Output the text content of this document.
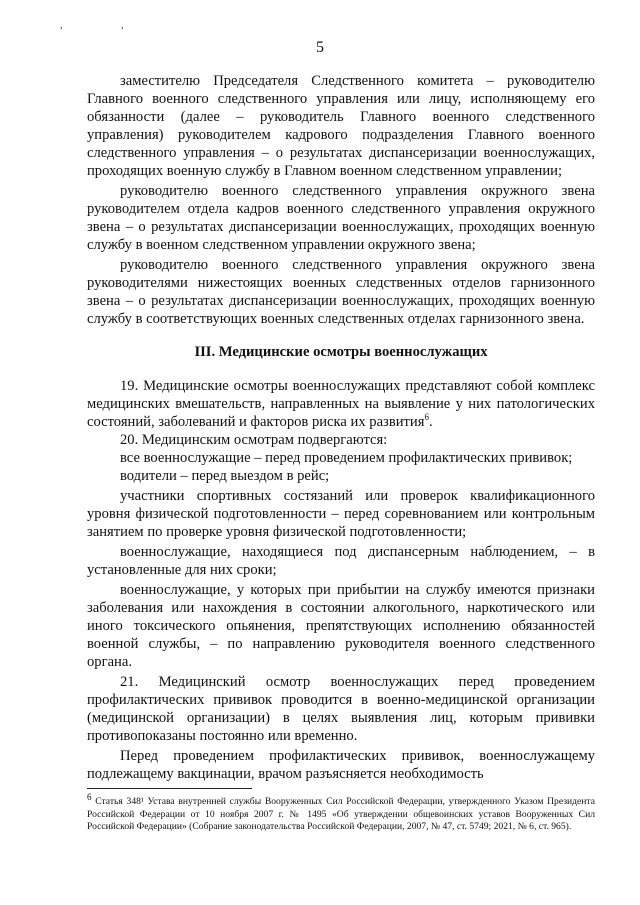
, ,
5

заместителю Председателя Следственного комитета – руководителю Главного военного следственного управления или лицу, исполняющему его обязанности (далее – руководитель Главного военного следственного управления) руководителем кадрового подразделения Главного военного следственного управления – о результатах диспансеризации военнослужащих, проходящих военную службу в Главном военном следственном управлении;

руководителю военного следственного управления окружного звена руководителем отдела кадров военного следственного управления окружного звена – о результатах диспансеризации военнослужащих, проходящих военную службу в военном следственном управлении окружного звена;

руководителю военного следственного управления окружного звена руководителями нижестоящих военных следственных отделов гарнизонного звена – о результатах диспансеризации военнослужащих, проходящих военную службу в соответствующих военных следственных отделах гарнизонного звена.

III. Медицинские осмотры военнослужащих

19. Медицинские осмотры военнослужащих представляют собой комплекс медицинских вмешательств, направленных на выявление у них патологических состояний, заболеваний и факторов риска их развития$^6$.

20. Медицинским осмотрам подвергаются:

все военнослужащие – перед проведением профилактических прививок;

водители – перед выездом в рейс;

участники спортивных состязаний или проверок квалификационного уровня физической подготовленности – перед соревнованием или контрольным занятием по проверке уровня физической подготовленности;

военнослужащие, находящиеся под диспансерным наблюдением, – в установленные для них сроки;

военнослужащие, у которых при прибытии на службу имеются признаки заболевания или нахождения в состоянии алкогольного, наркотического или иного токсического опьянения, препятствующих исполнению обязанностей военной службы, – по направлению руководителя военного следственного органа.

21. Медицинский осмотр военнослужащих перед проведением профилактических прививок проводится в военно-медицинской организации (медицинской организации) в целях выявления лиц, которым прививки противопоказаны постоянно или временно.

Перед проведением профилактических прививок, военнослужащему подлежащему вакцинации, врачом разъясняется необходимость

$^6$ Статья 348¹ Устава внутренней службы Вооруженных Сил Российской Федерации, утвержденного Указом Президента Российской Федерации от 10 ноября 2007 г. № 1495 «Об утверждении общевоинских уставов Вооруженных Сил Российской Федерации» (Собрание законодательства Российской Федерации, 2007, № 47, ст. 5749; 2021, № 6, ст. 965).
